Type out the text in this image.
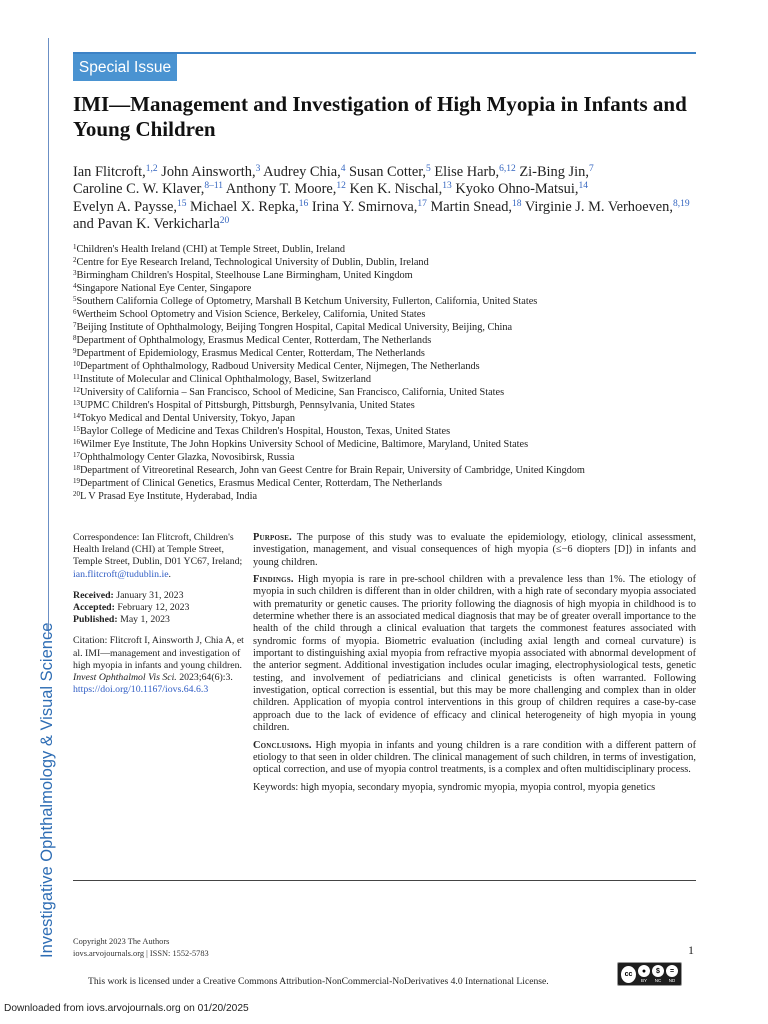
Investigative Ophthalmology & Visual Science
Special Issue
IMI—Management and Investigation of High Myopia in Infants and Young Children
Ian Flitcroft,$^{1,2}$ John Ainsworth,$^3$ Audrey Chia,$^4$ Susan Cotter,$^5$ Elise Harb,$^{6,12}$ Zi-Bing Jin,$^7$ Caroline C. W. Klaver,$^{8-11}$ Anthony T. Moore,$^{12}$ Ken K. Nischal,$^{13}$ Kyoko Ohno-Matsui,$^{14}$ Evelyn A. Paysse,$^{15}$ Michael X. Repka,$^{16}$ Irina Y. Smirnova,$^{17}$ Martin Snead,$^{18}$ Virginie J. M. Verhoeven,$^{8,19}$ and Pavan K. Verkicharla$^{20}$
$^1$Children's Health Ireland (CHI) at Temple Street, Dublin, Ireland
$^2$Centre for Eye Research Ireland, Technological University of Dublin, Dublin, Ireland
$^3$Birmingham Children's Hospital, Steelhouse Lane Birmingham, United Kingdom
$^4$Singapore National Eye Center, Singapore
$^5$Southern California College of Optometry, Marshall B Ketchum University, Fullerton, California, United States
$^6$Wertheim School Optometry and Vision Science, Berkeley, California, United States
$^7$Beijing Institute of Ophthalmology, Beijing Tongren Hospital, Capital Medical University, Beijing, China
$^8$Department of Ophthalmology, Erasmus Medical Center, Rotterdam, The Netherlands
$^9$Department of Epidemiology, Erasmus Medical Center, Rotterdam, The Netherlands
$^{10}$Department of Ophthalmology, Radboud University Medical Center, Nijmegen, The Netherlands
$^{11}$Institute of Molecular and Clinical Ophthalmology, Basel, Switzerland
$^{12}$University of California – San Francisco, School of Medicine, San Francisco, California, United States
$^{13}$UPMC Children's Hospital of Pittsburgh, Pittsburgh, Pennsylvania, United States
$^{14}$Tokyo Medical and Dental University, Tokyo, Japan
$^{15}$Baylor College of Medicine and Texas Children's Hospital, Houston, Texas, United States
$^{16}$Wilmer Eye Institute, The John Hopkins University School of Medicine, Baltimore, Maryland, United States
$^{17}$Ophthalmology Center Glazka, Novosibirsk, Russia
$^{18}$Department of Vitreoretinal Research, John van Geest Centre for Brain Repair, University of Cambridge, United Kingdom
$^{19}$Department of Clinical Genetics, Erasmus Medical Center, Rotterdam, The Netherlands
$^{20}$L V Prasad Eye Institute, Hyderabad, India
Correspondence: Ian Flitcroft, Children's Health Ireland (CHI) at Temple Street, Temple Street, Dublin, D01 YC67, Ireland; ian.flitcroft@tudublin.ie.
Received: January 31, 2023
Accepted: February 12, 2023
Published: May 1, 2023
Citation: Flitcroft I, Ainsworth J, Chia A, et al. IMI—management and investigation of high myopia in infants and young children. Invest Ophthalmol Vis Sci. 2023;64(6):3.
https://doi.org/10.1167/iovs.64.6.3

Purpose. The purpose of this study was to evaluate the epidemiology, etiology, clinical assessment, investigation, management, and visual consequences of high myopia (≤−6 diopters [D]) in infants and young children.

Findings. High myopia is rare in pre-school children with a prevalence less than 1%. The etiology of myopia in such children is different than in older children, with a high rate of secondary myopia associated with prematurity or genetic causes. The priority following the diagnosis of high myopia in childhood is to determine whether there is an associated medical diagnosis that may be of greater overall importance to the health of the child through a clinical evaluation that targets the commonest features associated with syndromic forms of myopia. Biometric evaluation (including axial length and corneal curvature) is important to distinguishing axial myopia from refractive myopia associated with abnormal development of the anterior segment. Additional investigation includes ocular imaging, electrophysiological tests, genetic testing, and involvement of pediatricians and clinical geneticists is often warranted. Following investigation, optical correction is essential, but this may be more challenging and complex than in older children. Application of myopia control interventions in this group of children requires a case-by-case approach due to the lack of evidence of efficacy and clinical heterogeneity of high myopia in young children.

Conclusions. High myopia in infants and young children is a rare condition with a different pattern of etiology to that seen in older children. The clinical management of such children, in terms of investigation, optical correction, and use of myopia control treatments, is a complex and often multidisciplinary process.

Keywords: high myopia, secondary myopia, syndromic myopia, myopia control, myopia genetics

Copyright 2023 The Authors
iovs.arvojournals.org | ISSN: 1552-5783	1
This work is licensed under a Creative Commons Attribution-NonCommercial-NoDerivatives 4.0 International License.
cc	●
BY
$
NC
=
ND
Downloaded from iovs.arvojournals.org on 01/20/2025
